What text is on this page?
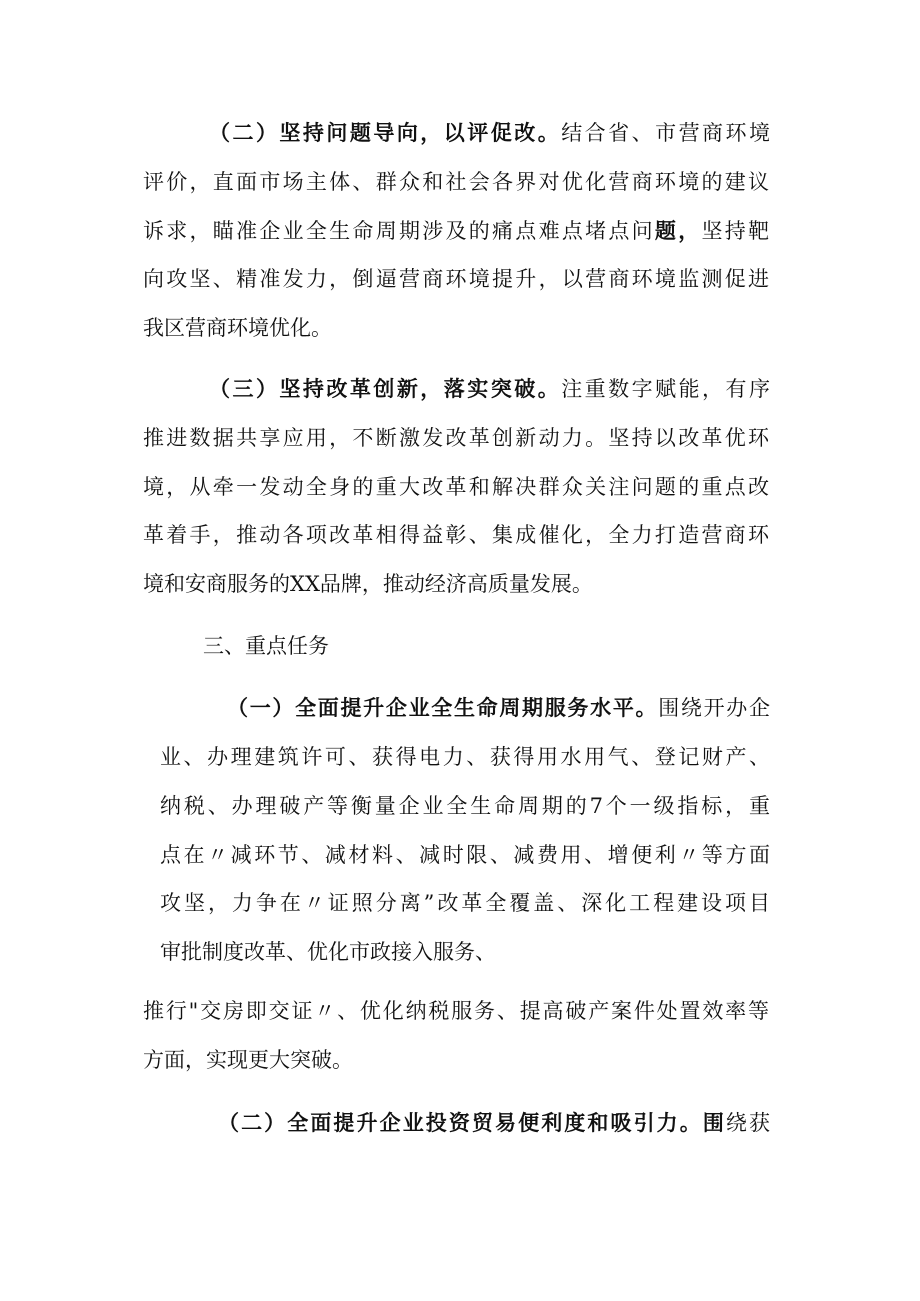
（二）坚持问题导向，以评促改。结合省、市营商环境
评价，直面市场主体、群众和社会各界对优化营商环境的建议
诉求，瞄准企业全生命周期涉及的痛点难点堵点问题，坚持靶
向攻坚、精准发力，倒逼营商环境提升，以营商环境监测促进
我区营商环境优化。
（三）坚持改革创新，落实突破。注重数字赋能，有序
推进数据共享应用，不断激发改革创新动力。坚持以改革优环
境，从牵一发动全身的重大改革和解决群众关注问题的重点改
革着手，推动各项改革相得益彰、集成催化，全力打造营商环
境和安商服务的XX品牌，推动经济高质量发展。
三、重点任务
（一）全面提升企业全生命周期服务水平。围绕开办企
业、办理建筑许可、获得电力、获得用水用气、登记财产、
纳税、办理破产等衡量企业全生命周期的7个一级指标，重
点在〃减环节、减材料、减时限、减费用、增便利〃等方面
攻坚，力争在〃证照分离”改革全覆盖、深化工程建设项目
审批制度改革、优化市政接入服务、
推行"交房即交证〃、优化纳税服务、提高破产案件处置效率等
方面，实现更大突破。
（二）全面提升企业投资贸易便利度和吸引力。围绕获
